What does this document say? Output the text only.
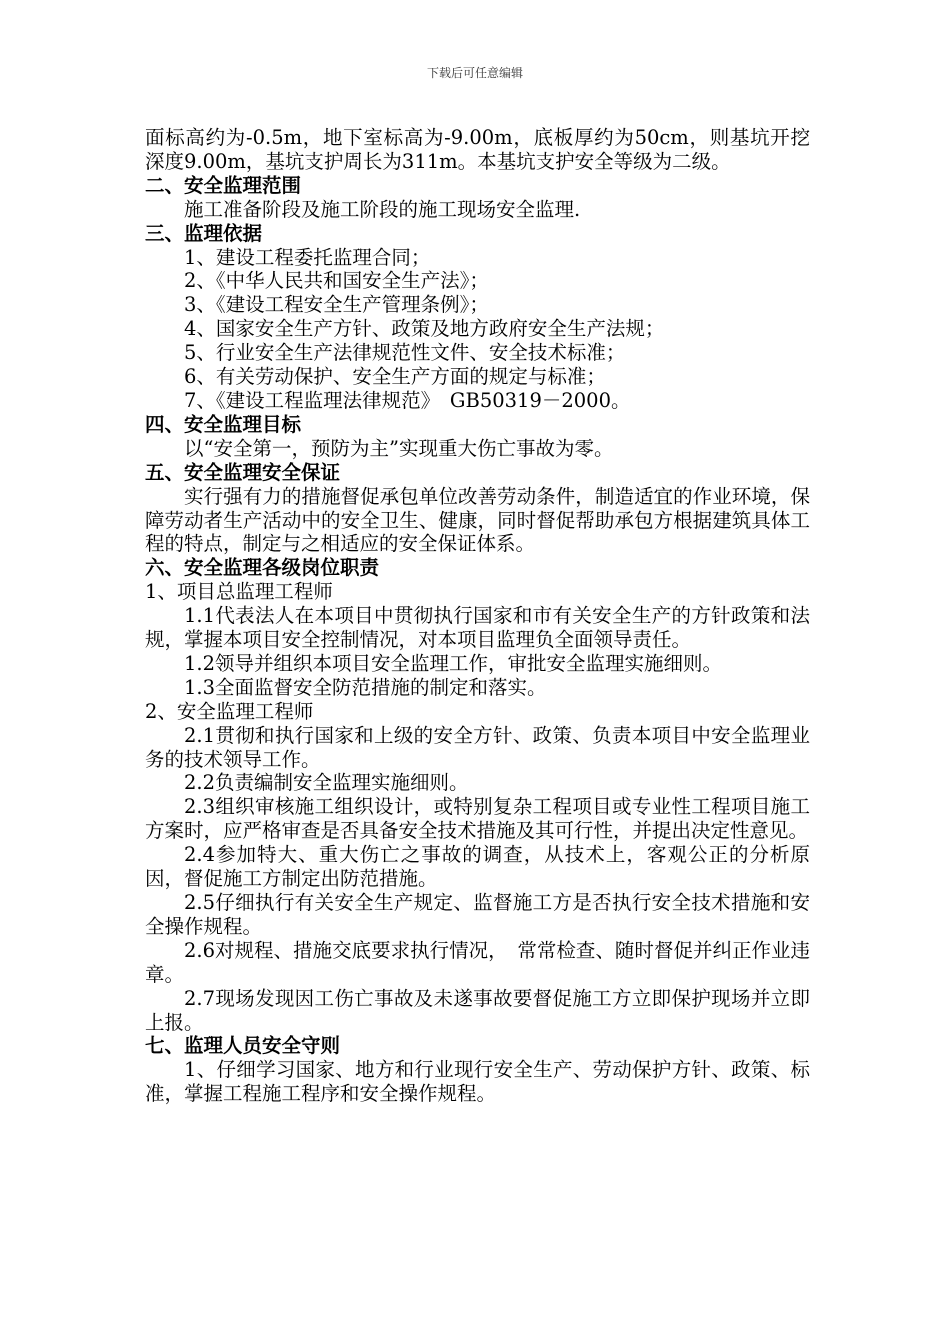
下载后可任意编辑

面标高约为-0.5m，地下室标高为-9.00m，底板厚约为50cm，则基坑开挖深度9.00m，基坑支护周长为311m。本基坑支护安全等级为二级。

二、安全监理范围

施工准备阶段及施工阶段的施工现场安全监理.

三、监理依据

1、建设工程委托监理合同；

2、《中华人民共和国安全生产法》；

3、《建设工程安全生产管理条例》；

4、国家安全生产方针、政策及地方政府安全生产法规；

5、行业安全生产法律规范性文件、安全技术标准；

6、有关劳动保护、安全生产方面的规定与标准；

7、《建设工程监理法律规范》　GB50319－2000。

四、安全监理目标

以“安全第一，预防为主”实现重大伤亡事故为零。

五、安全监理安全保证

实行强有力的措施督促承包单位改善劳动条件，制造适宜的作业环境，保障劳动者生产活动中的安全卫生、健康，同时督促帮助承包方根据建筑具体工程的特点，制定与之相适应的安全保证体系。

六、安全监理各级岗位职责

1、项目总监理工程师

1.1代表法人在本项目中贯彻执行国家和市有关安全生产的方针政策和法规，掌握本项目安全控制情况，对本项目监理负全面领导责任。

1.2领导并组织本项目安全监理工作，审批安全监理实施细则。

1.3全面监督安全防范措施的制定和落实。

2、安全监理工程师

2.1贯彻和执行国家和上级的安全方针、政策、负责本项目中安全监理业务的技术领导工作。

2.2负责编制安全监理实施细则。

2.3组织审核施工组织设计，或特别复杂工程项目或专业性工程项目施工方案时，应严格审查是否具备安全技术措施及其可行性，并提出决定性意见。

2.4参加特大、重大伤亡之事故的调查，从技术上，客观公正的分析原因，督促施工方制定出防范措施。

2.5仔细执行有关安全生产规定、监督施工方是否执行安全技术措施和安全操作规程。

2.6对规程、措施交底要求执行情况，　常常检查、随时督促并纠正作业违章。

2.7现场发现因工伤亡事故及未遂事故要督促施工方立即保护现场并立即上报。

七、监理人员安全守则

1、仔细学习国家、地方和行业现行安全生产、劳动保护方针、政策、标准，掌握工程施工程序和安全操作规程。
